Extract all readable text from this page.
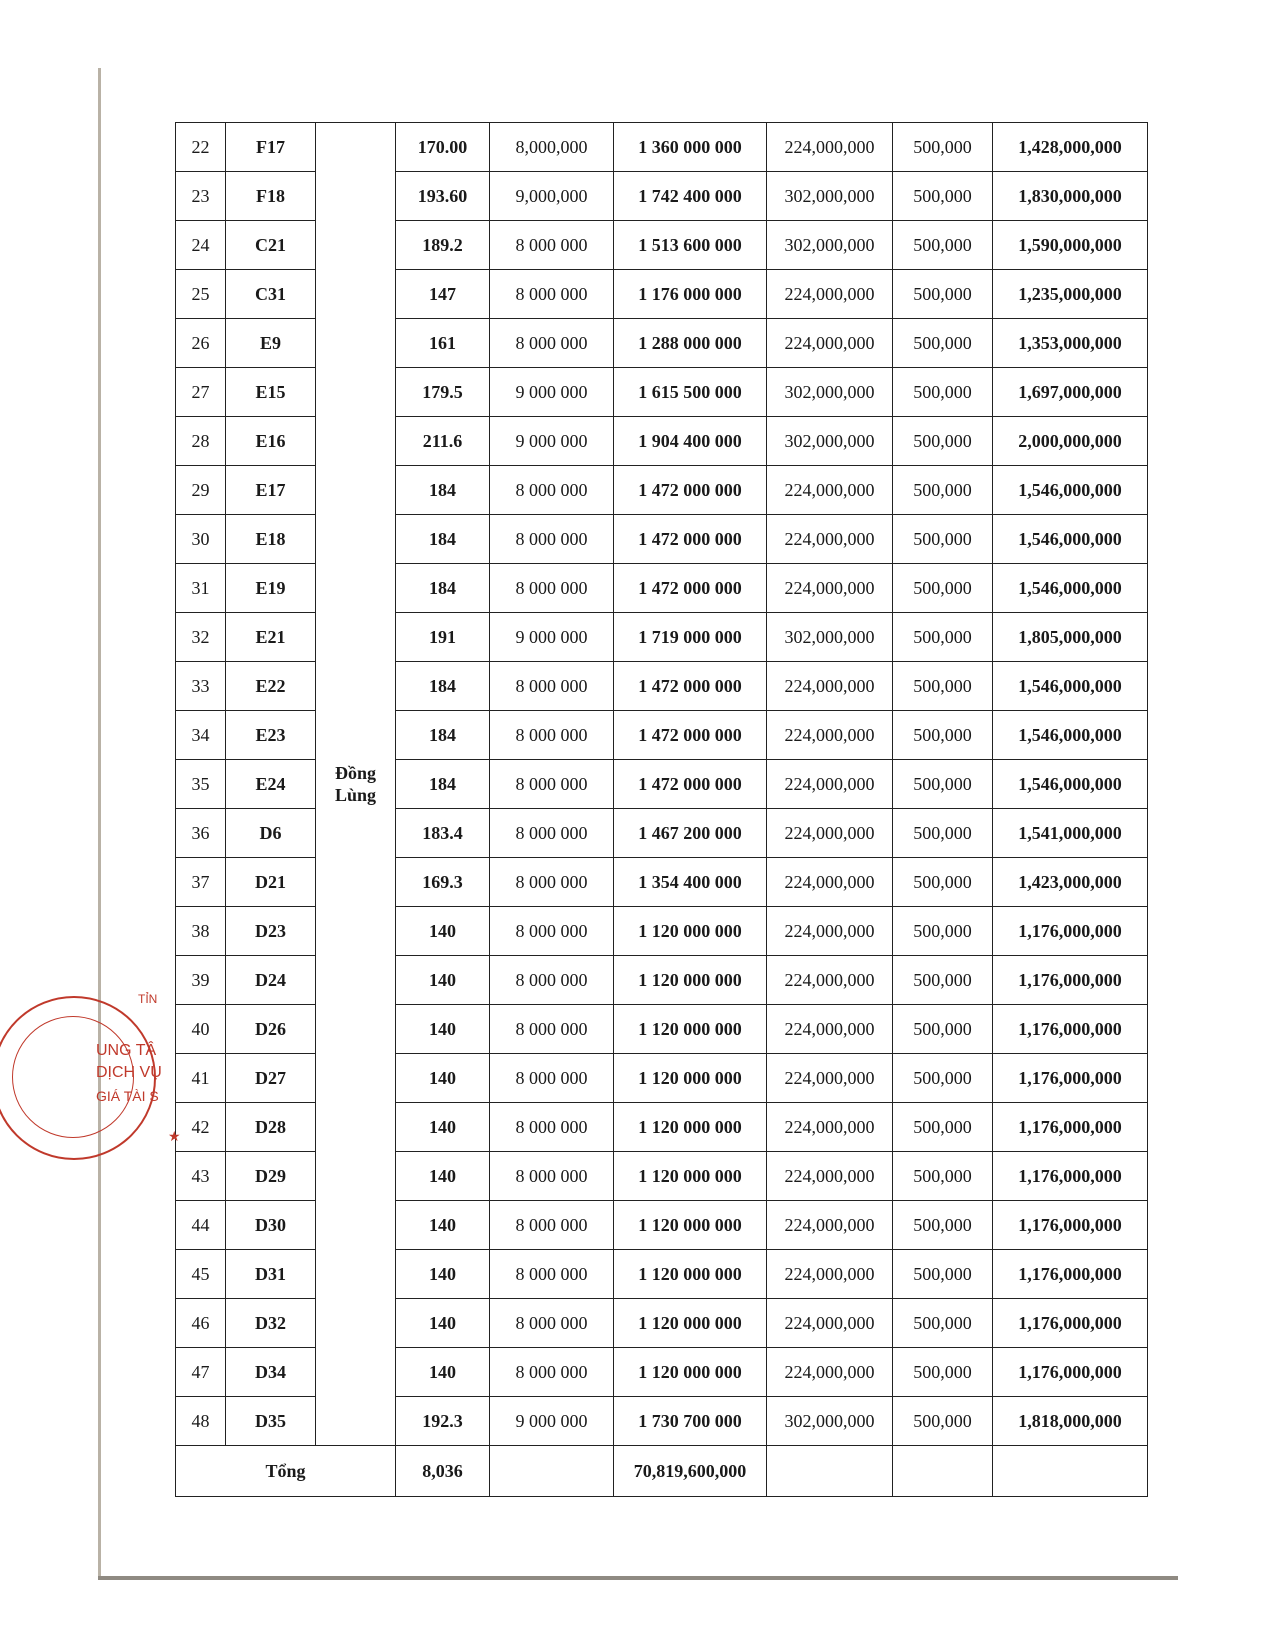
22	F17	Đồng Lùng	170.00	8,000,000	1 360 000 000	224,000,000	500,000	1,428,000,000
23	F18		193.60	9,000,000	1 742 400 000	302,000,000	500,000	1,830,000,000
24	C21		189.2	8 000 000	1 513 600 000	302,000,000	500,000	1,590,000,000
25	C31		147	8 000 000	1 176 000 000	224,000,000	500,000	1,235,000,000
26	E9		161	8 000 000	1 288 000 000	224,000,000	500,000	1,353,000,000
27	E15		179.5	9 000 000	1 615 500 000	302,000,000	500,000	1,697,000,000
28	E16		211.6	9 000 000	1 904 400 000	302,000,000	500,000	2,000,000,000
29	E17		184	8 000 000	1 472 000 000	224,000,000	500,000	1,546,000,000
30	E18		184	8 000 000	1 472 000 000	224,000,000	500,000	1,546,000,000
31	E19		184	8 000 000	1 472 000 000	224,000,000	500,000	1,546,000,000
32	E21		191	9 000 000	1 719 000 000	302,000,000	500,000	1,805,000,000
33	E22		184	8 000 000	1 472 000 000	224,000,000	500,000	1,546,000,000
34	E23		184	8 000 000	1 472 000 000	224,000,000	500,000	1,546,000,000
35	E24		184	8 000 000	1 472 000 000	224,000,000	500,000	1,546,000,000
36	D6		183.4	8 000 000	1 467 200 000	224,000,000	500,000	1,541,000,000
37	D21		169.3	8 000 000	1 354 400 000	224,000,000	500,000	1,423,000,000
38	D23		140	8 000 000	1 120 000 000	224,000,000	500,000	1,176,000,000
39	D24		140	8 000 000	1 120 000 000	224,000,000	500,000	1,176,000,000
40	D26		140	8 000 000	1 120 000 000	224,000,000	500,000	1,176,000,000
41	D27		140	8 000 000	1 120 000 000	224,000,000	500,000	1,176,000,000
42	D28		140	8 000 000	1 120 000 000	224,000,000	500,000	1,176,000,000
43	D29		140	8 000 000	1 120 000 000	224,000,000	500,000	1,176,000,000
44	D30		140	8 000 000	1 120 000 000	224,000,000	500,000	1,176,000,000
45	D31		140	8 000 000	1 120 000 000	224,000,000	500,000	1,176,000,000
46	D32		140	8 000 000	1 120 000 000	224,000,000	500,000	1,176,000,000
47	D34		140	8 000 000	1 120 000 000	224,000,000	500,000	1,176,000,000
48	D35		192.3	9 000 000	1 730 700 000	302,000,000	500,000	1,818,000,000
Tổng			8,036		70,819,600,000			
TỈN
UNG TÂ
DỊCH VỤ
GIÁ TÀI S
★
